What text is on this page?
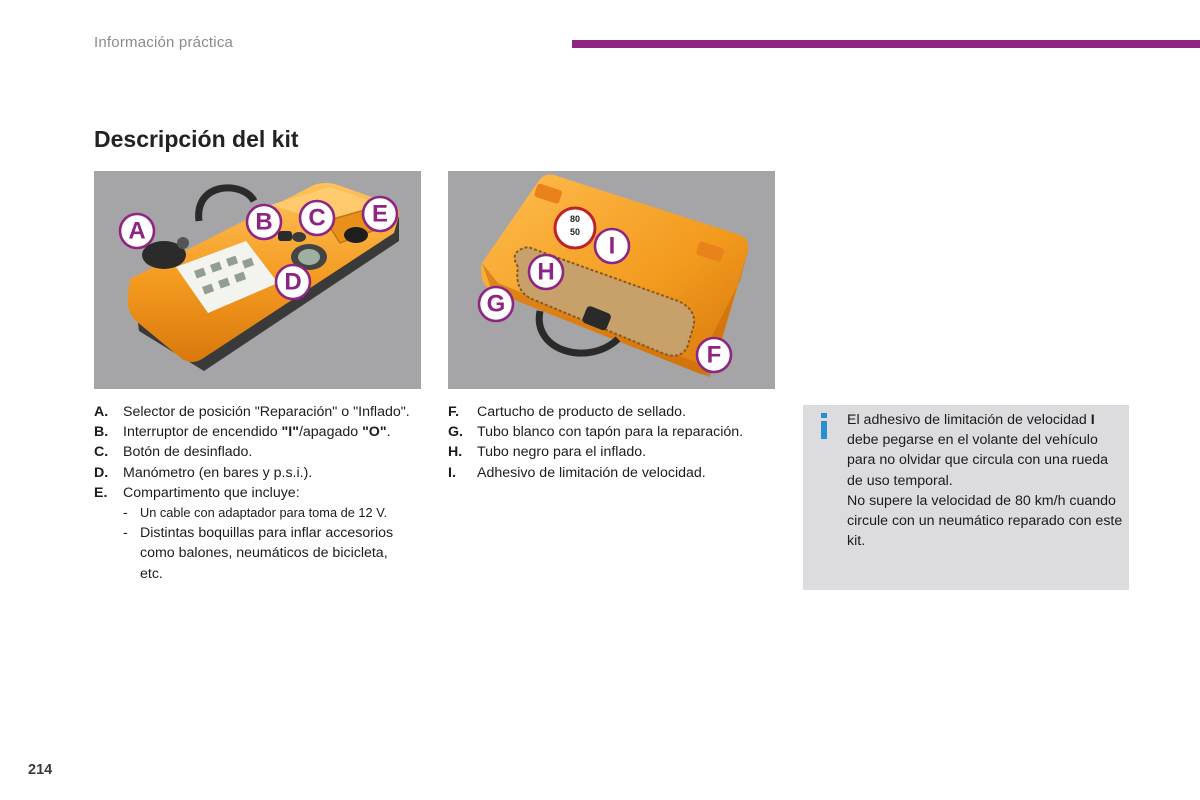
Información práctica
Descripción del kit
A	B C E
D
80
50
I
H
G
F
A.	Selector de posición "Reparación" o "Inflado".
B.	Interruptor de encendido "I"/apagado "O".
C.	Botón de desinflado.
D.	Manómetro (en bares y p.s.i.).
E.	Compartimento que incluye:
- Un cable con adaptador para toma de 12 V.
- Distintas boquillas para inflar accesorios como balones, neumáticos de bicicleta, etc.
F.	Cartucho de producto de sellado.
G. Tubo blanco con tapón para la reparación.
H.	Tubo negro para el inflado.
I.	Adhesivo de limitación de velocidad.
El adhesivo de limitación de velocidad I debe pegarse en el volante del vehículo para no olvidar que circula con una rueda de uso temporal.
No supere la velocidad de 80 km/h cuando circule con un neumático reparado con este kit.
214
